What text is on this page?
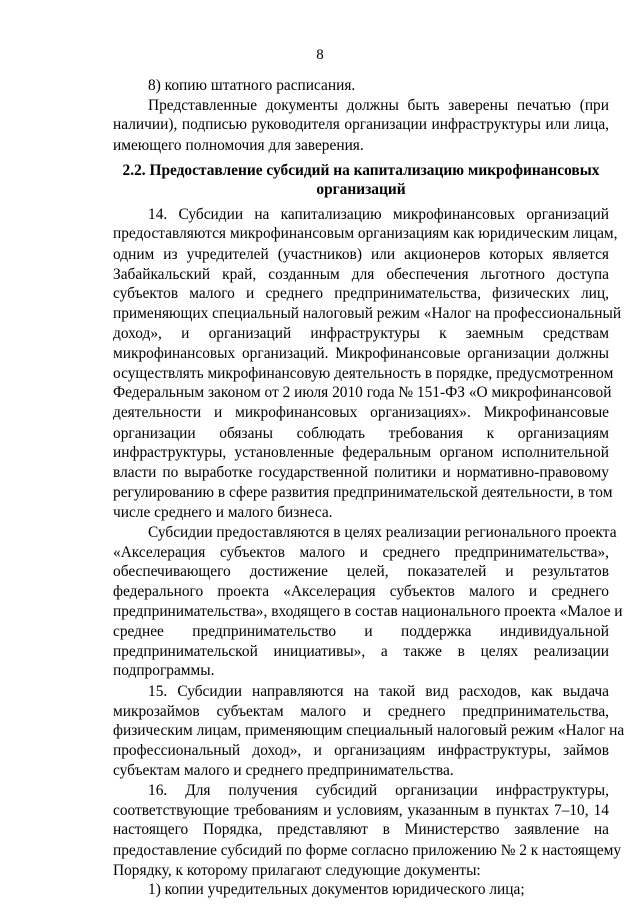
8
8) копию штатного расписания.
Представленные документы должны быть заверены печатью (при
наличии), подписью руководителя организации инфраструктуры или лица,
имеющего полномочия для заверения.
2.2. Предоставление субсидий на капитализацию микрофинансовых
организаций
14. Субсидии на капитализацию микрофинансовых организаций
предоставляются микрофинансовым организациям как юридическим лицам,
одним из учредителей (участников) или акционеров которых является
Забайкальский край, созданным для обеспечения льготного доступа
субъектов малого и среднего предпринимательства, физических лиц,
применяющих специальный налоговый режим «Налог на профессиональный
доход», и организаций инфраструктуры к заемным средствам
микрофинансовых организаций. Микрофинансовые организации должны
осуществлять микрофинансовую деятельность в порядке, предусмотренном
Федеральным законом от 2 июля 2010 года № 151-ФЗ «О микрофинансовой
деятельности и микрофинансовых организациях». Микрофинансовые
организации обязаны соблюдать требования к организациям
инфраструктуры, установленные федеральным органом исполнительной
власти по выработке государственной политики и нормативно-правовому
регулированию в сфере развития предпринимательской деятельности, в том
числе среднего и малого бизнеса.
Субсидии предоставляются в целях реализации регионального проекта
«Акселерация субъектов малого и среднего предпринимательства»,
обеспечивающего достижение целей, показателей и результатов
федерального проекта «Акселерация субъектов малого и среднего
предпринимательства», входящего в состав национального проекта «Малое и
среднее предпринимательство и поддержка индивидуальной
предпринимательской инициативы», а также в целях реализации
подпрограммы.
15. Субсидии направляются на такой вид расходов, как выдача
микрозаймов субъектам малого и среднего предпринимательства,
физическим лицам, применяющим специальный налоговый режим «Налог на
профессиональный доход», и организациям инфраструктуры, займов
субъектам малого и среднего предпринимательства.
16. Для получения субсидий организации инфраструктуры,
соответствующие требованиям и условиям, указанным в пунктах 7–10, 14
настоящего Порядка, представляют в Министерство заявление на
предоставление субсидий по форме согласно приложению № 2 к настоящему
Порядку, к которому прилагают следующие документы:
1) копии учредительных документов юридического лица;
